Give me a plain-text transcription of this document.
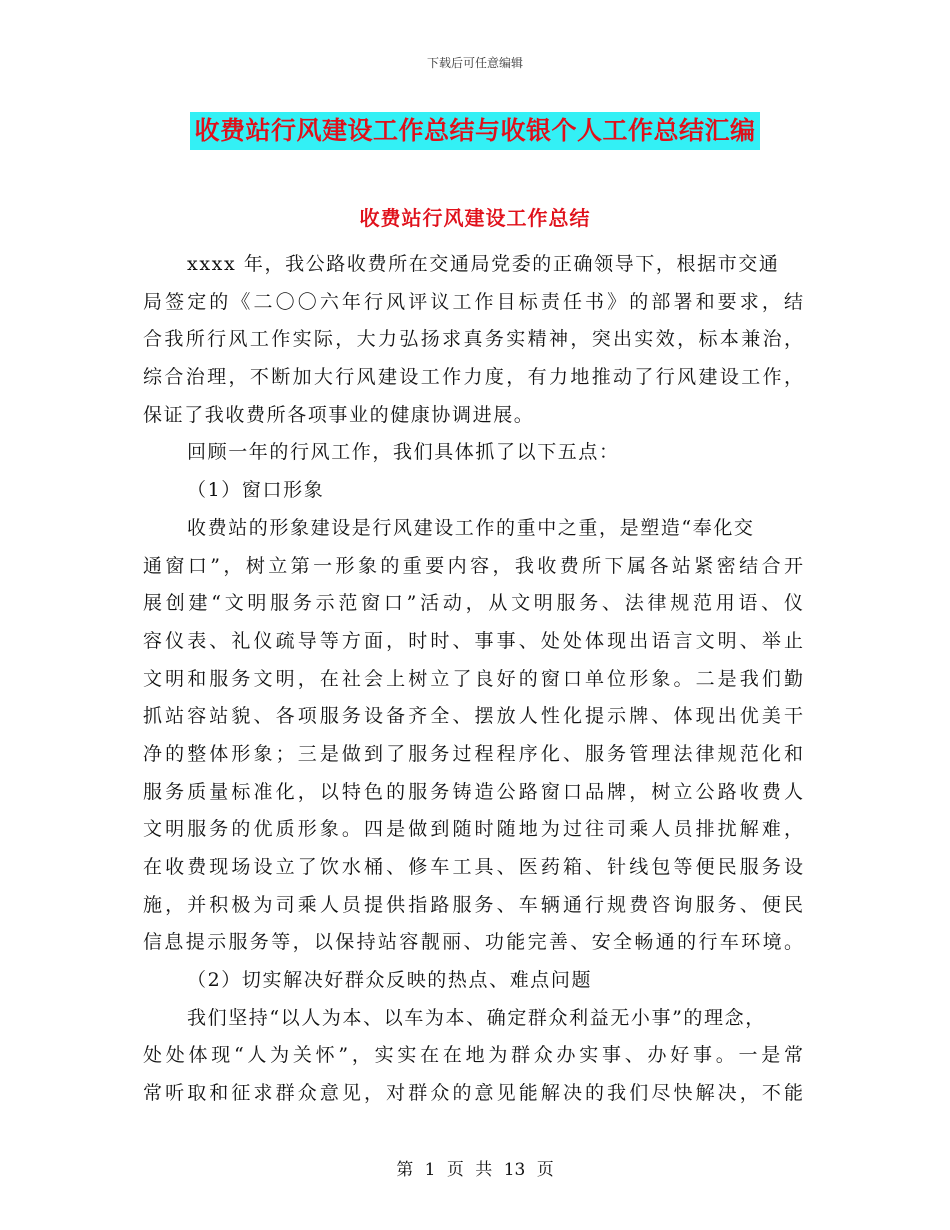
下载后可任意编辑
收费站行风建设工作总结与收银个人工作总结汇编
收费站行风建设工作总结
xxxx 年，我公路收费所在交通局党委的正确领导下，根据市交通
局签定的《二〇〇六年行风评议工作目标责任书》的部署和要求，结
合我所行风工作实际，大力弘扬求真务实精神，突出实效，标本兼治，
综合治理，不断加大行风建设工作力度，有力地推动了行风建设工作，
保证了我收费所各项事业的健康协调进展。
回顾一年的行风工作，我们具体抓了以下五点：
（1）窗口形象
收费站的形象建设是行风建设工作的重中之重，是塑造“奉化交
通窗口”，树立第一形象的重要内容，我收费所下属各站紧密结合开
展创建“文明服务示范窗口”活动，从文明服务、法律规范用语、仪
容仪表、礼仪疏导等方面，时时、事事、处处体现出语言文明、举止
文明和服务文明，在社会上树立了良好的窗口单位形象。二是我们勤
抓站容站貌、各项服务设备齐全、摆放人性化提示牌、体现出优美干
净的整体形象；三是做到了服务过程程序化、服务管理法律规范化和
服务质量标准化，以特色的服务铸造公路窗口品牌，树立公路收费人
文明服务的优质形象。四是做到随时随地为过往司乘人员排扰解难，
在收费现场设立了饮水桶、修车工具、医药箱、针线包等便民服务设
施，并积极为司乘人员提供指路服务、车辆通行规费咨询服务、便民
信息提示服务等，以保持站容靓丽、功能完善、安全畅通的行车环境。
（2）切实解决好群众反映的热点、难点问题
我们坚持“以人为本、以车为本、确定群众利益无小事”的理念，
处处体现“人为关怀”，实实在在地为群众办实事、办好事。一是常
常听取和征求群众意见，对群众的意见能解决的我们尽快解决，不能
第 1 页 共 13 页
